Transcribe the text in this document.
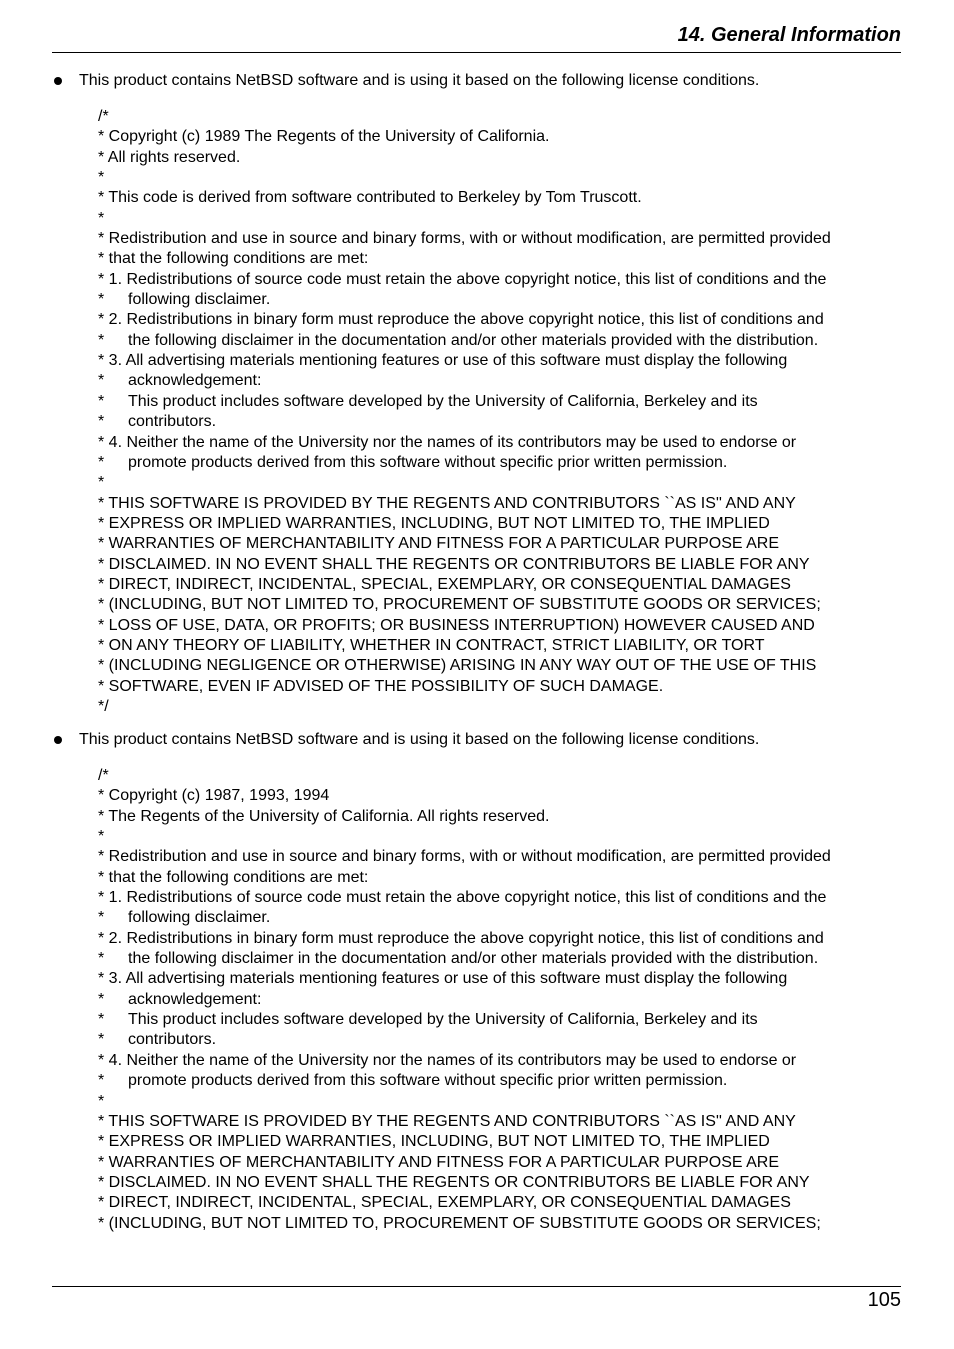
14. General Information
This product contains NetBSD software and is using it based on the following license conditions.
/*
* Copyright (c) 1989 The Regents of the University of California.
* All rights reserved.
*
* This code is derived from software contributed to Berkeley by Tom Truscott.
*
* Redistribution and use in source and binary forms, with or without modification, are permitted provided
* that the following conditions are met:
* 1. Redistributions of source code must retain the above copyright notice, this list of conditions and the
* following disclaimer.
* 2. Redistributions in binary form must reproduce the above copyright notice, this list of conditions and
* the following disclaimer in the documentation and/or other materials provided with the distribution.
* 3. All advertising materials mentioning features or use of this software must display the following
* acknowledgement:
* This product includes software developed by the University of California, Berkeley and its
* contributors.
* 4. Neither the name of the University nor the names of its contributors may be used to endorse or
* promote products derived from this software without specific prior written permission.
*
* THIS SOFTWARE IS PROVIDED BY THE REGENTS AND CONTRIBUTORS ``AS IS'' AND ANY
* EXPRESS OR IMPLIED WARRANTIES, INCLUDING, BUT NOT LIMITED TO, THE IMPLIED
* WARRANTIES OF MERCHANTABILITY AND FITNESS FOR A PARTICULAR PURPOSE ARE
* DISCLAIMED. IN NO EVENT SHALL THE REGENTS OR CONTRIBUTORS BE LIABLE FOR ANY
* DIRECT, INDIRECT, INCIDENTAL, SPECIAL, EXEMPLARY, OR CONSEQUENTIAL DAMAGES
* (INCLUDING, BUT NOT LIMITED TO, PROCUREMENT OF SUBSTITUTE GOODS OR SERVICES;
* LOSS OF USE, DATA, OR PROFITS; OR BUSINESS INTERRUPTION) HOWEVER CAUSED AND
* ON ANY THEORY OF LIABILITY, WHETHER IN CONTRACT, STRICT LIABILITY, OR TORT
* (INCLUDING NEGLIGENCE OR OTHERWISE) ARISING IN ANY WAY OUT OF THE USE OF THIS
* SOFTWARE, EVEN IF ADVISED OF THE POSSIBILITY OF SUCH DAMAGE.
*/
This product contains NetBSD software and is using it based on the following license conditions.
/*
* Copyright (c) 1987, 1993, 1994
* The Regents of the University of California. All rights reserved.
*
* Redistribution and use in source and binary forms, with or without modification, are permitted provided
* that the following conditions are met:
* 1. Redistributions of source code must retain the above copyright notice, this list of conditions and the
* following disclaimer.
* 2. Redistributions in binary form must reproduce the above copyright notice, this list of conditions and
* the following disclaimer in the documentation and/or other materials provided with the distribution.
* 3. All advertising materials mentioning features or use of this software must display the following
* acknowledgement:
* This product includes software developed by the University of California, Berkeley and its
* contributors.
* 4. Neither the name of the University nor the names of its contributors may be used to endorse or
* promote products derived from this software without specific prior written permission.
*
* THIS SOFTWARE IS PROVIDED BY THE REGENTS AND CONTRIBUTORS ``AS IS'' AND ANY
* EXPRESS OR IMPLIED WARRANTIES, INCLUDING, BUT NOT LIMITED TO, THE IMPLIED
* WARRANTIES OF MERCHANTABILITY AND FITNESS FOR A PARTICULAR PURPOSE ARE
* DISCLAIMED. IN NO EVENT SHALL THE REGENTS OR CONTRIBUTORS BE LIABLE FOR ANY
* DIRECT, INDIRECT, INCIDENTAL, SPECIAL, EXEMPLARY, OR CONSEQUENTIAL DAMAGES
* (INCLUDING, BUT NOT LIMITED TO, PROCUREMENT OF SUBSTITUTE GOODS OR SERVICES;
105
